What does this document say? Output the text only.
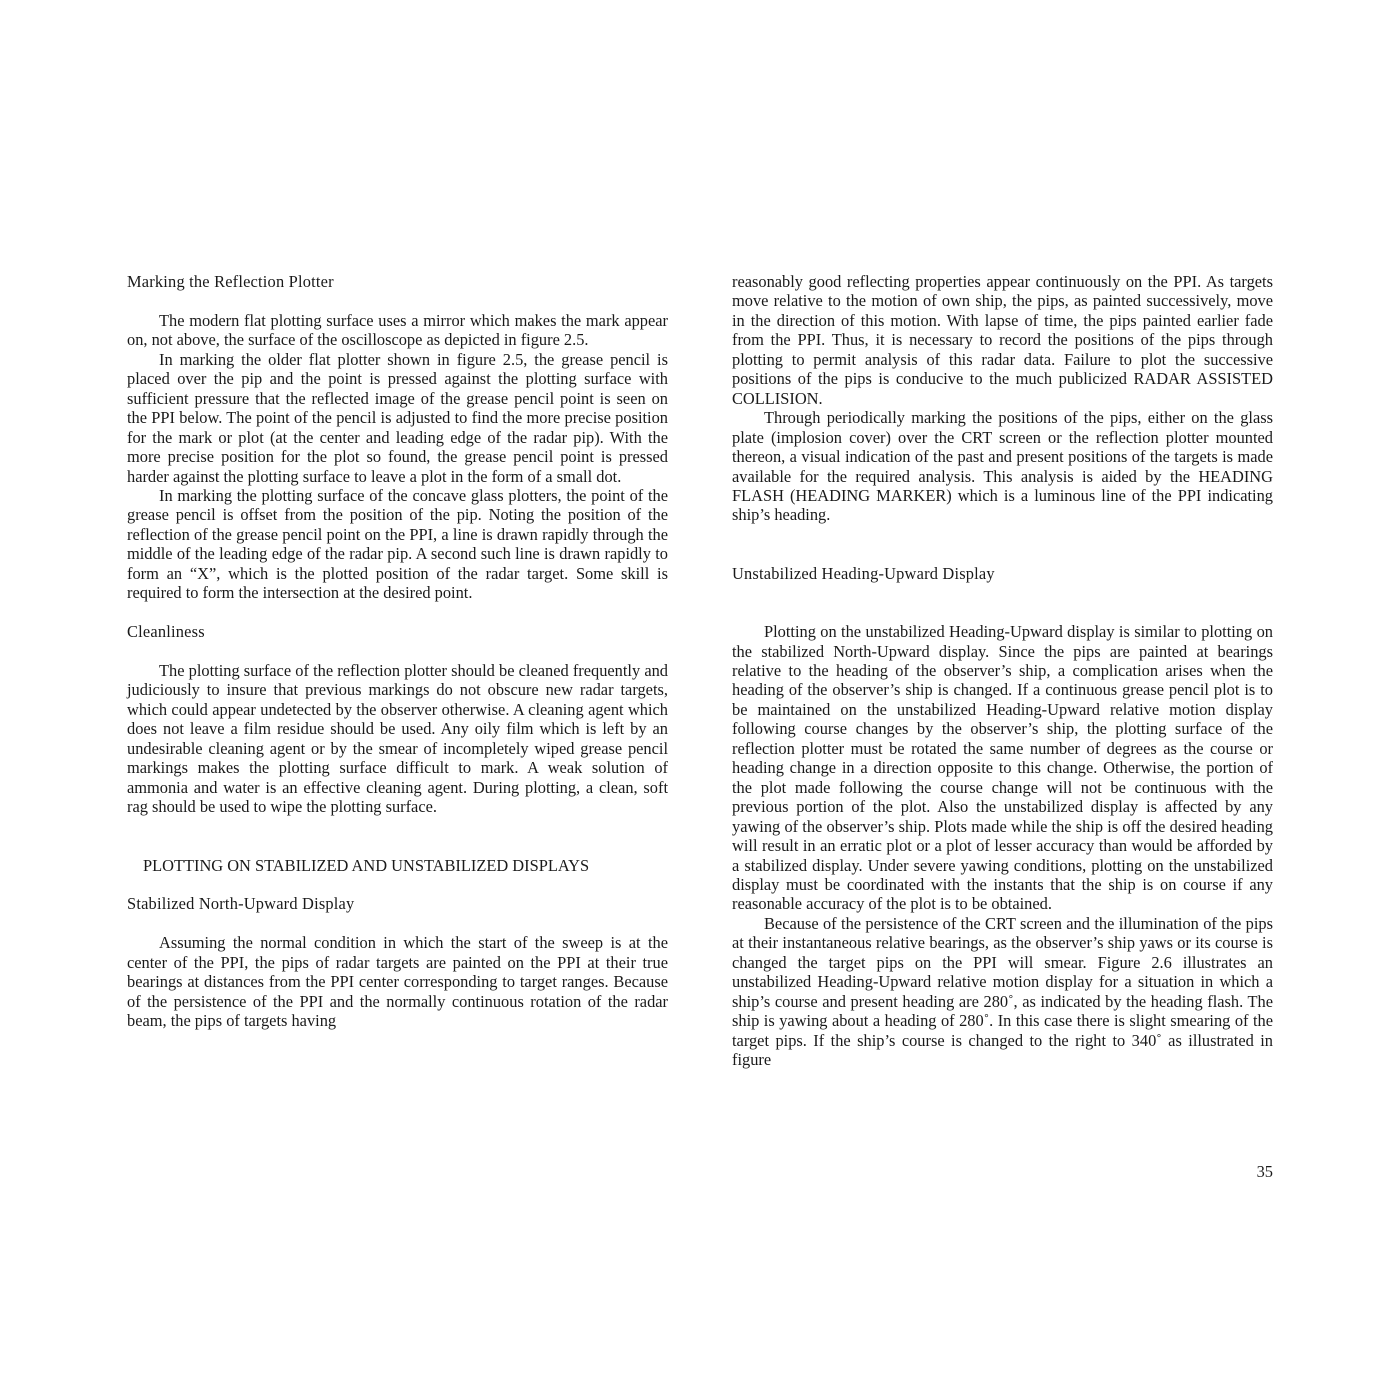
Marking the Reflection Plotter

The modern flat plotting surface uses a mirror which makes the mark appear on, not above, the surface of the oscilloscope as depicted in figure 2.5.

In marking the older flat plotter shown in figure 2.5, the grease pencil is placed over the pip and the point is pressed against the plotting surface with sufficient pressure that the reflected image of the grease pencil point is seen on the PPI below. The point of the pencil is adjusted to find the more precise position for the mark or plot (at the center and leading edge of the radar pip). With the more precise position for the plot so found, the grease pencil point is pressed harder against the plotting surface to leave a plot in the form of a small dot.

In marking the plotting surface of the concave glass plotters, the point of the grease pencil is offset from the position of the pip. Noting the position of the reflection of the grease pencil point on the PPI, a line is drawn rapidly through the middle of the leading edge of the radar pip. A second such line is drawn rapidly to form an “X”, which is the plotted position of the radar target. Some skill is required to form the intersection at the desired point.

Cleanliness

The plotting surface of the reflection plotter should be cleaned frequently and judiciously to insure that previous markings do not obscure new radar targets, which could appear undetected by the observer otherwise. A cleaning agent which does not leave a film residue should be used. Any oily film which is left by an undesirable cleaning agent or by the smear of incompletely wiped grease pencil markings makes the plotting surface difficult to mark. A weak solution of ammonia and water is an effective cleaning agent. During plotting, a clean, soft rag should be used to wipe the plotting surface.

PLOTTING ON STABILIZED AND UNSTABILIZED DISPLAYS
Stabilized North-Upward Display

Assuming the normal condition in which the start of the sweep is at the center of the PPI, the pips of radar targets are painted on the PPI at their true bearings at distances from the PPI center corresponding to target ranges. Because of the persistence of the PPI and the normally continuous rotation of the radar beam, the pips of targets having

reasonably good reflecting properties appear continuously on the PPI. As targets move relative to the motion of own ship, the pips, as painted successively, move in the direction of this motion. With lapse of time, the pips painted earlier fade from the PPI. Thus, it is necessary to record the positions of the pips through plotting to permit analysis of this radar data. Failure to plot the successive positions of the pips is conducive to the much publicized RADAR ASSISTED COLLISION.

Through periodically marking the positions of the pips, either on the glass plate (implosion cover) over the CRT screen or the reflection plotter mounted thereon, a visual indication of the past and present positions of the targets is made available for the required analysis. This analysis is aided by the HEADING FLASH (HEADING MARKER) which is a luminous line of the PPI indicating ship’s heading.

Unstabilized Heading-Upward Display

Plotting on the unstabilized Heading-Upward display is similar to plotting on the stabilized North-Upward display. Since the pips are painted at bearings relative to the heading of the observer’s ship, a complication arises when the heading of the observer’s ship is changed. If a continuous grease pencil plot is to be maintained on the unstabilized Heading-Upward relative motion display following course changes by the observer’s ship, the plotting surface of the reflection plotter must be rotated the same number of degrees as the course or heading change in a direction opposite to this change. Otherwise, the portion of the plot made following the course change will not be continuous with the previous portion of the plot. Also the unstabilized display is affected by any yawing of the observer’s ship. Plots made while the ship is off the desired heading will result in an erratic plot or a plot of lesser accuracy than would be afforded by a stabilized display. Under severe yawing conditions, plotting on the unstabilized display must be coordinated with the instants that the ship is on course if any reasonable accuracy of the plot is to be obtained.

Because of the persistence of the CRT screen and the illumination of the pips at their instantaneous relative bearings, as the observer’s ship yaws or its course is changed the target pips on the PPI will smear. Figure 2.6 illustrates an unstabilized Heading-Upward relative motion display for a situation in which a ship’s course and present heading are 280˚, as indicated by the heading flash. The ship is yawing about a heading of 280˚. In this case there is slight smearing of the target pips. If the ship’s course is changed to the right to 340˚ as illustrated in figure

35
